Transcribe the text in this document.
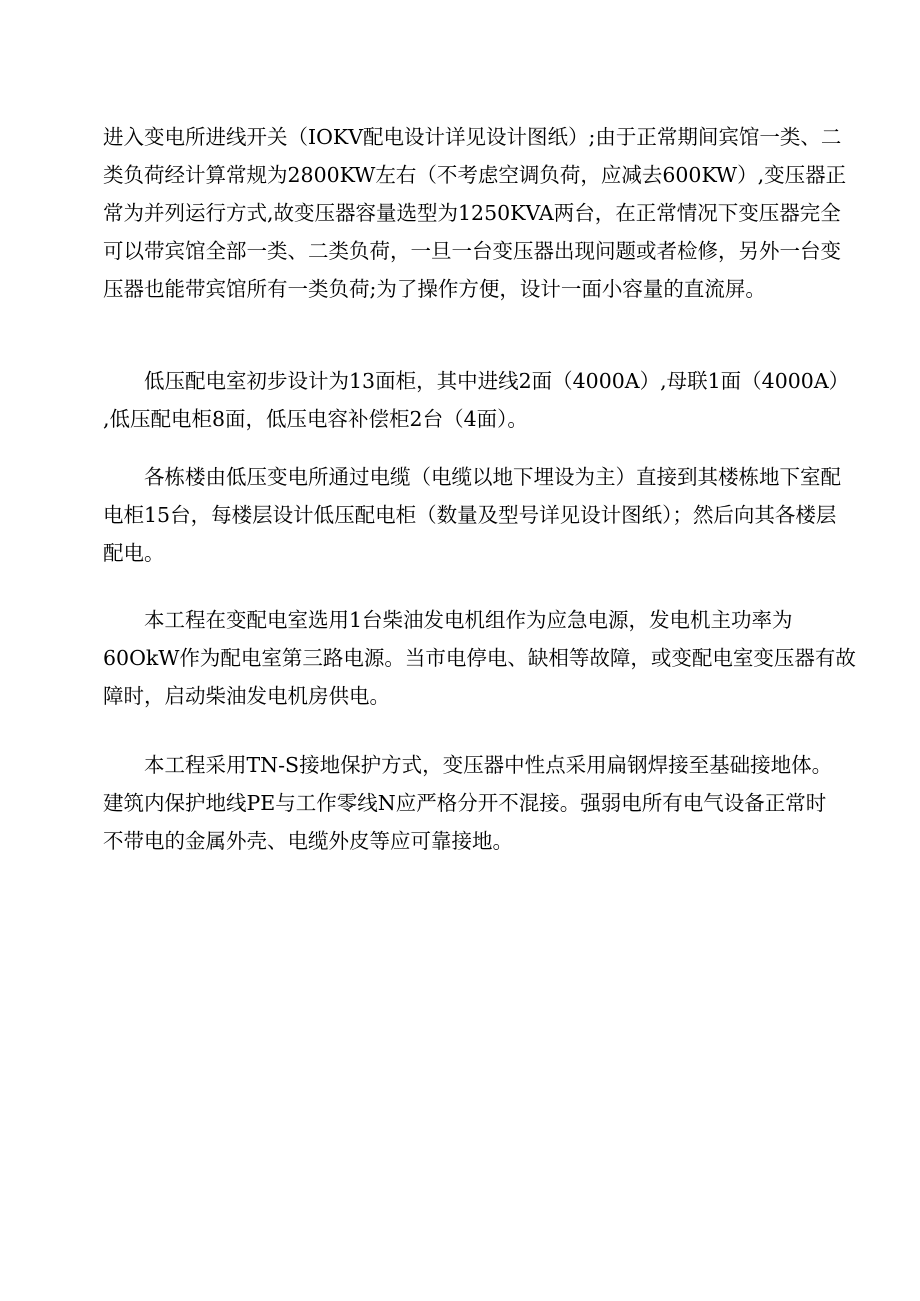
进入变电所进线开关（IOKV配电设计详见设计图纸）;由于正常期间宾馆一类、二
类负荷经计算常规为2800KW左右（不考虑空调负荷，应减去600KW）,变压器正
常为并列运行方式,故变压器容量选型为1250KVA两台，在正常情况下变压器完全
可以带宾馆全部一类、二类负荷，一旦一台变压器出现问题或者检修，另外一台变
压器也能带宾馆所有一类负荷;为了操作方便，设计一面小容量的直流屏。
低压配电室初步设计为13面柜，其中进线2面（4000A）,母联1面（4000A）
,低压配电柜8面，低压电容补偿柜2台（4面）。
各栋楼由低压变电所通过电缆（电缆以地下埋设为主）直接到其楼栋地下室配
电柜15台，每楼层设计低压配电柜（数量及型号详见设计图纸）；然后向其各楼层
配电。
本工程在变配电室选用1台柴油发电机组作为应急电源，发电机主功率为
60OkW作为配电室第三路电源。当市电停电、缺相等故障，或变配电室变压器有故
障时，启动柴油发电机房供电。
本工程采用TN-S接地保护方式，变压器中性点采用扁钢焊接至基础接地体。
建筑内保护地线PE与工作零线N应严格分开不混接。强弱电所有电气设备正常时
不带电的金属外壳、电缆外皮等应可靠接地。
